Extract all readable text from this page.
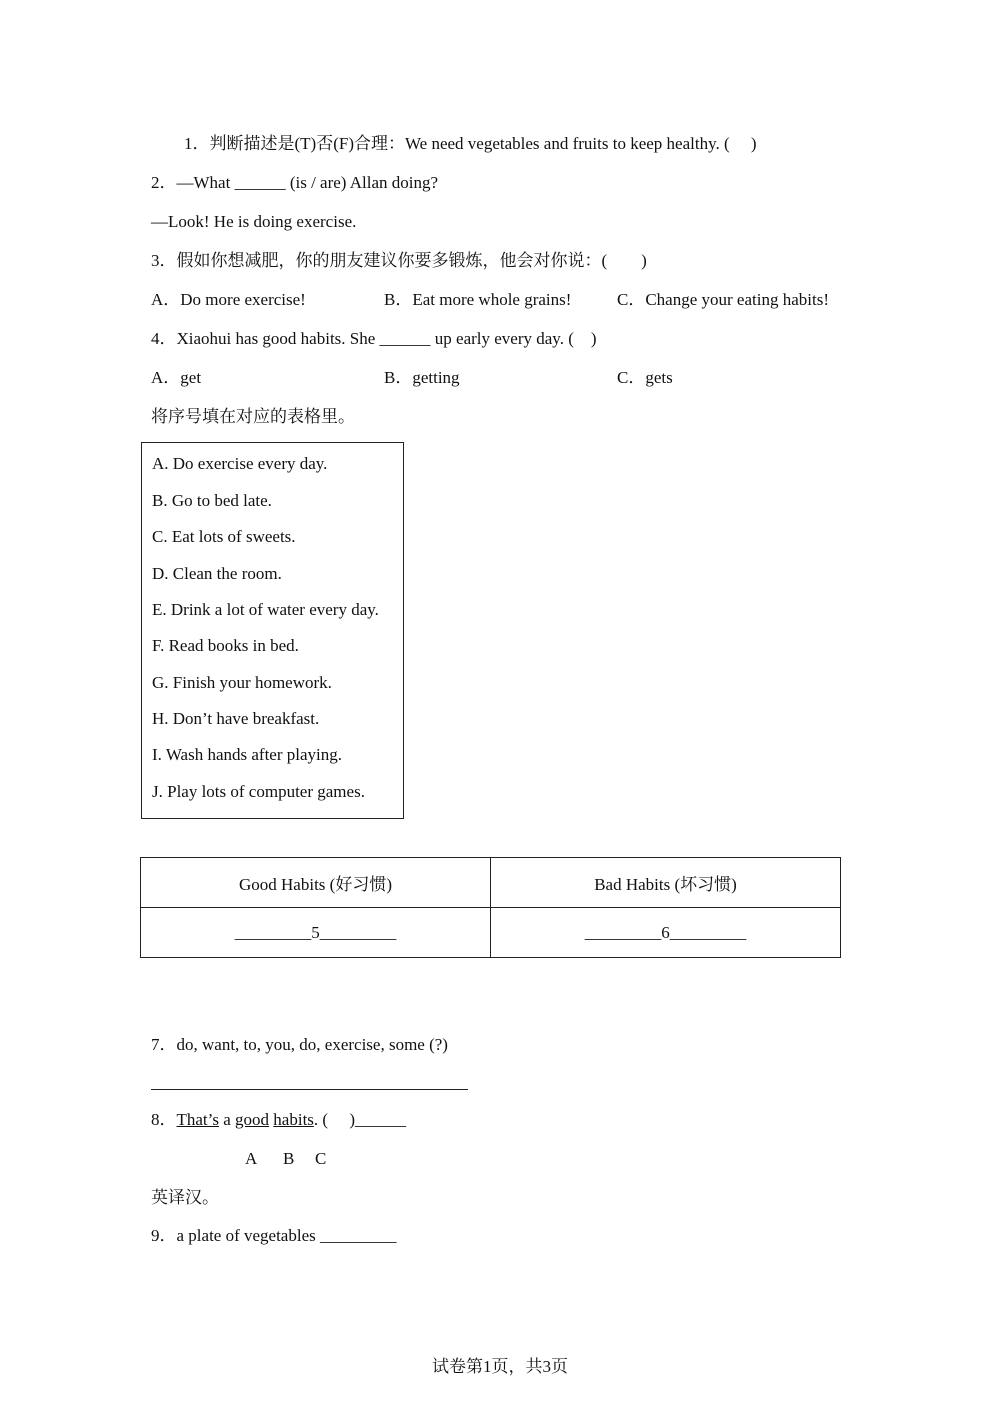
1．判断描述是(T)否(F)合理：We need vegetables and fruits to keep healthy. (　 )
2．—What ______ (is / are) Allan doing?
—Look! He is doing exercise.
3．假如你想减肥，你的朋友建议你要多锻炼，他会对你说：(　　)
A．Do more exercise!	B．Eat more whole grains!	C．Change your eating habits!
4．Xiaohui has good habits. She ______ up early every day. (　)
A．get	B．getting	C．gets
将序号填在对应的表格里。
A. Do exercise every day.
B. Go to bed late.
C. Eat lots of sweets.
D. Clean the room.
E. Drink a lot of water every day.
F. Read books in bed.
G. Finish your homework.
H. Don’t have breakfast.
I. Wash hands after playing.
J. Play lots of computer games.
Good Habits (好习惯)	Bad Habits (坏习惯)
_________5_________	_________6_________
7．do, want, to, you, do, exercise, some (?)
8．That’s a good habits. (　 )______
A B C
英译汉。
9．a plate of vegetables _________
试卷第1页，共3页
